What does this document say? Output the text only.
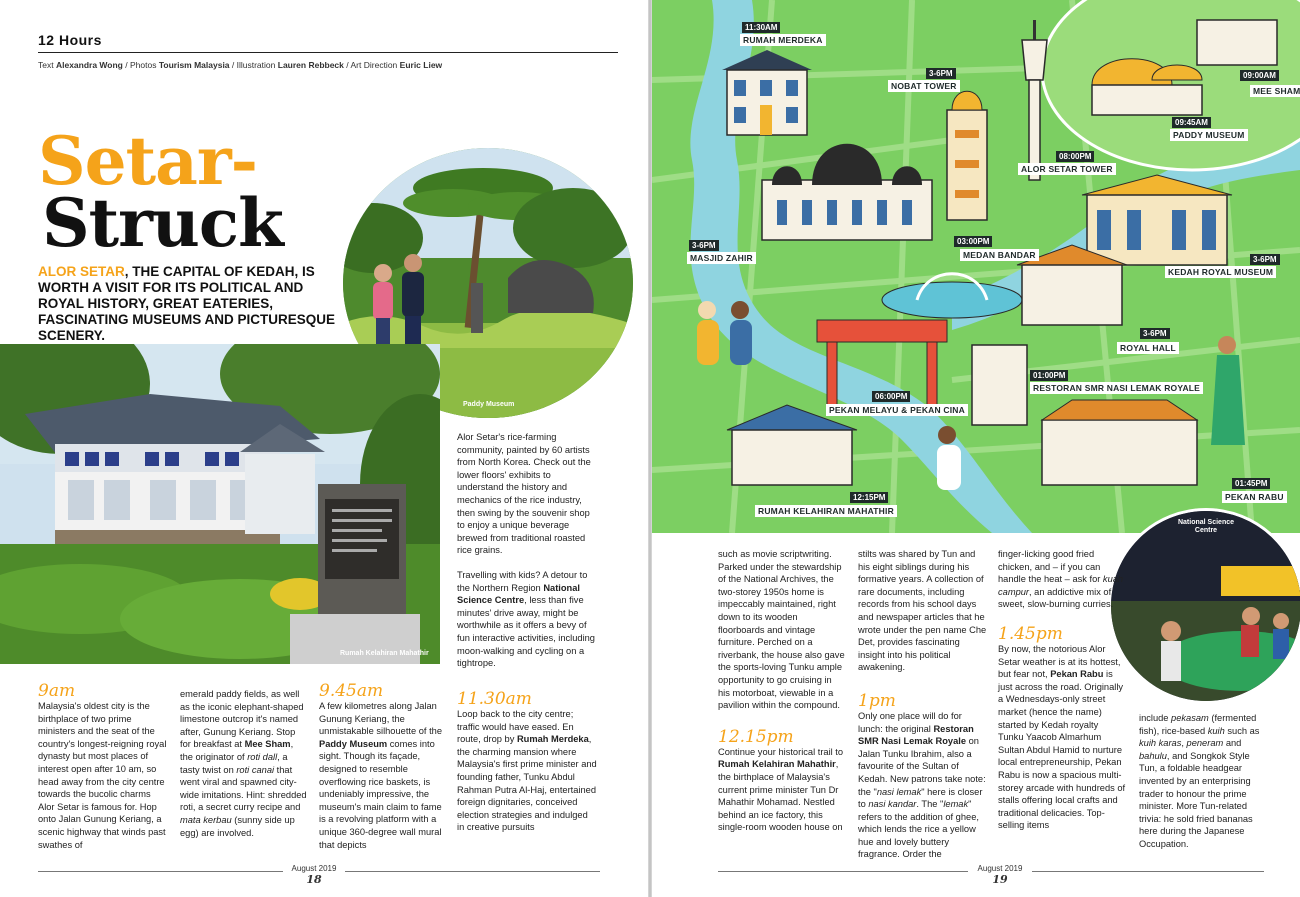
12 Hours
Text Alexandra Wong / Photos Tourism Malaysia / Illustration Lauren Rebbeck / Art Direction Euric Liew
Paddy Museum
Setar-
Struck
ALOR SETAR, THE CAPITAL OF KEDAH, IS WORTH A VISIT FOR ITS POLITICAL AND ROYAL HISTORY, GREAT EATERIES, FASCINATING MUSEUMS AND PICTURESQUE SCENERY.
Rumah Kelahiran Mahathir

Alor Setar's rice-farming community, painted by 60 artists from North Korea. Check out the lower floors' exhibits to understand the history and mechanics of the rice industry, then swing by the souvenir shop to enjoy a unique beverage brewed from traditional roasted rice grains.

Travelling with kids? A detour to the Northern Region National Science Centre, less than five minutes' drive away, might be worthwhile as it offers a bevy of fun interactive activities, including moon-walking and cycling on a tightrope.

9am
Malaysia's oldest city is the birthplace of two prime ministers and the seat of the country's longest-reigning royal dynasty but most places of interest open after 10 am, so head away from the city centre towards the bucolic charms Alor Setar is famous for. Hop onto Jalan Gunung Keriang, a scenic highway that winds past swathes of
emerald paddy fields, as well as the iconic elephant-shaped limestone outcrop it's named after, Gunung Keriang. Stop for breakfast at Mee Sham, the originator of roti dall, a tasty twist on roti canai that went viral and spawned city-wide imitations. Hint: shredded roti, a secret curry recipe and mata kerbau (sunny side up egg) are involved.
9.45am
A few kilometres along Jalan Gunung Keriang, the unmistakable silhouette of the Paddy Museum comes into sight. Though its façade, designed to resemble overflowing rice baskets, is undeniably impressive, the museum's main claim to fame is a revolving platform with a unique 360-degree wall mural that depicts
11.30am
Loop back to the city centre; traffic would have eased. En route, drop by Rumah Merdeka, the charming mansion where Malaysia's first prime minister and founding father, Tunku Abdul Rahman Putra Al-Haj, entertained foreign dignitaries, conceived election strategies and indulged in creative pursuits
August 2019
18
11:30AM
RUMAH MERDEKA
3-6PM
NOBAT TOWER
09:00AM
MEE SHAM
09:45AM
PADDY MUSEUM
08:00PM
ALOR SETAR TOWER
3-6PM
MASJID ZAHIR
03:00PM
MEDAN BANDAR	3-6PM
KEDAH ROYAL MUSEUM
3-6PM
ROYAL HALL
01:00PM
RESTORAN SMR NASI LEMAK ROYALE
06:00PM
PEKAN MELAYU & PEKAN CINA
12:15PM
RUMAH KELAHIRAN MAHATHIR
01:45PM
PEKAN RABU
National Science Centre
such as movie scriptwriting. Parked under the stewardship of the National Archives, the two-storey 1950s home is impeccably maintained, right down to its wooden floorboards and vintage furniture. Perched on a riverbank, the house also gave the sports-loving Tunku ample opportunity to go cruising in his motorboat, viewable in a pavilion within the compound.
12.15pm
Continue your historical trail to Rumah Kelahiran Mahathir, the birthplace of Malaysia's current prime minister Tun Dr Mahathir Mohamad. Nestled behind an ice factory, this single-room wooden house on
stilts was shared by Tun and his eight siblings during his formative years. A collection of rare documents, including records from his school days and newspaper articles that he wrote under the pen name Che Det, provides fascinating insight into his political awakening.
1pm
Only one place will do for lunch: the original Restoran SMR Nasi Lemak Royale on Jalan Tunku Ibrahim, also a favourite of the Sultan of Kedah. New patrons take note: the "nasi lemak" here is closer to nasi kandar. The "lemak" refers to the addition of ghee, which lends the rice a yellow hue and lovely buttery fragrance. Order the
finger-licking good fried chicken, and – if you can handle the heat – ask for kuah campur, an addictive mix of sweet, slow-burning curries.
1.45pm
By now, the notorious Alor Setar weather is at its hottest, but fear not, Pekan Rabu is just across the road. Originally a Wednesdays-only street market (hence the name) started by Kedah royalty Tunku Yaacob Almarhum Sultan Abdul Hamid to nurture local entrepreneurship, Pekan Rabu is now a spacious multi-storey arcade with hundreds of stalls offering local crafts and traditional delicacies. Top-selling items
include pekasam (fermented fish), rice-based kuih such as kuih karas, peneram and bahulu, and Songkok Style Tun, a foldable headgear invented by an enterprising trader to honour the prime minister. More Tun-related trivia: he sold fried bananas here during the Japanese Occupation.
August 2019
19
